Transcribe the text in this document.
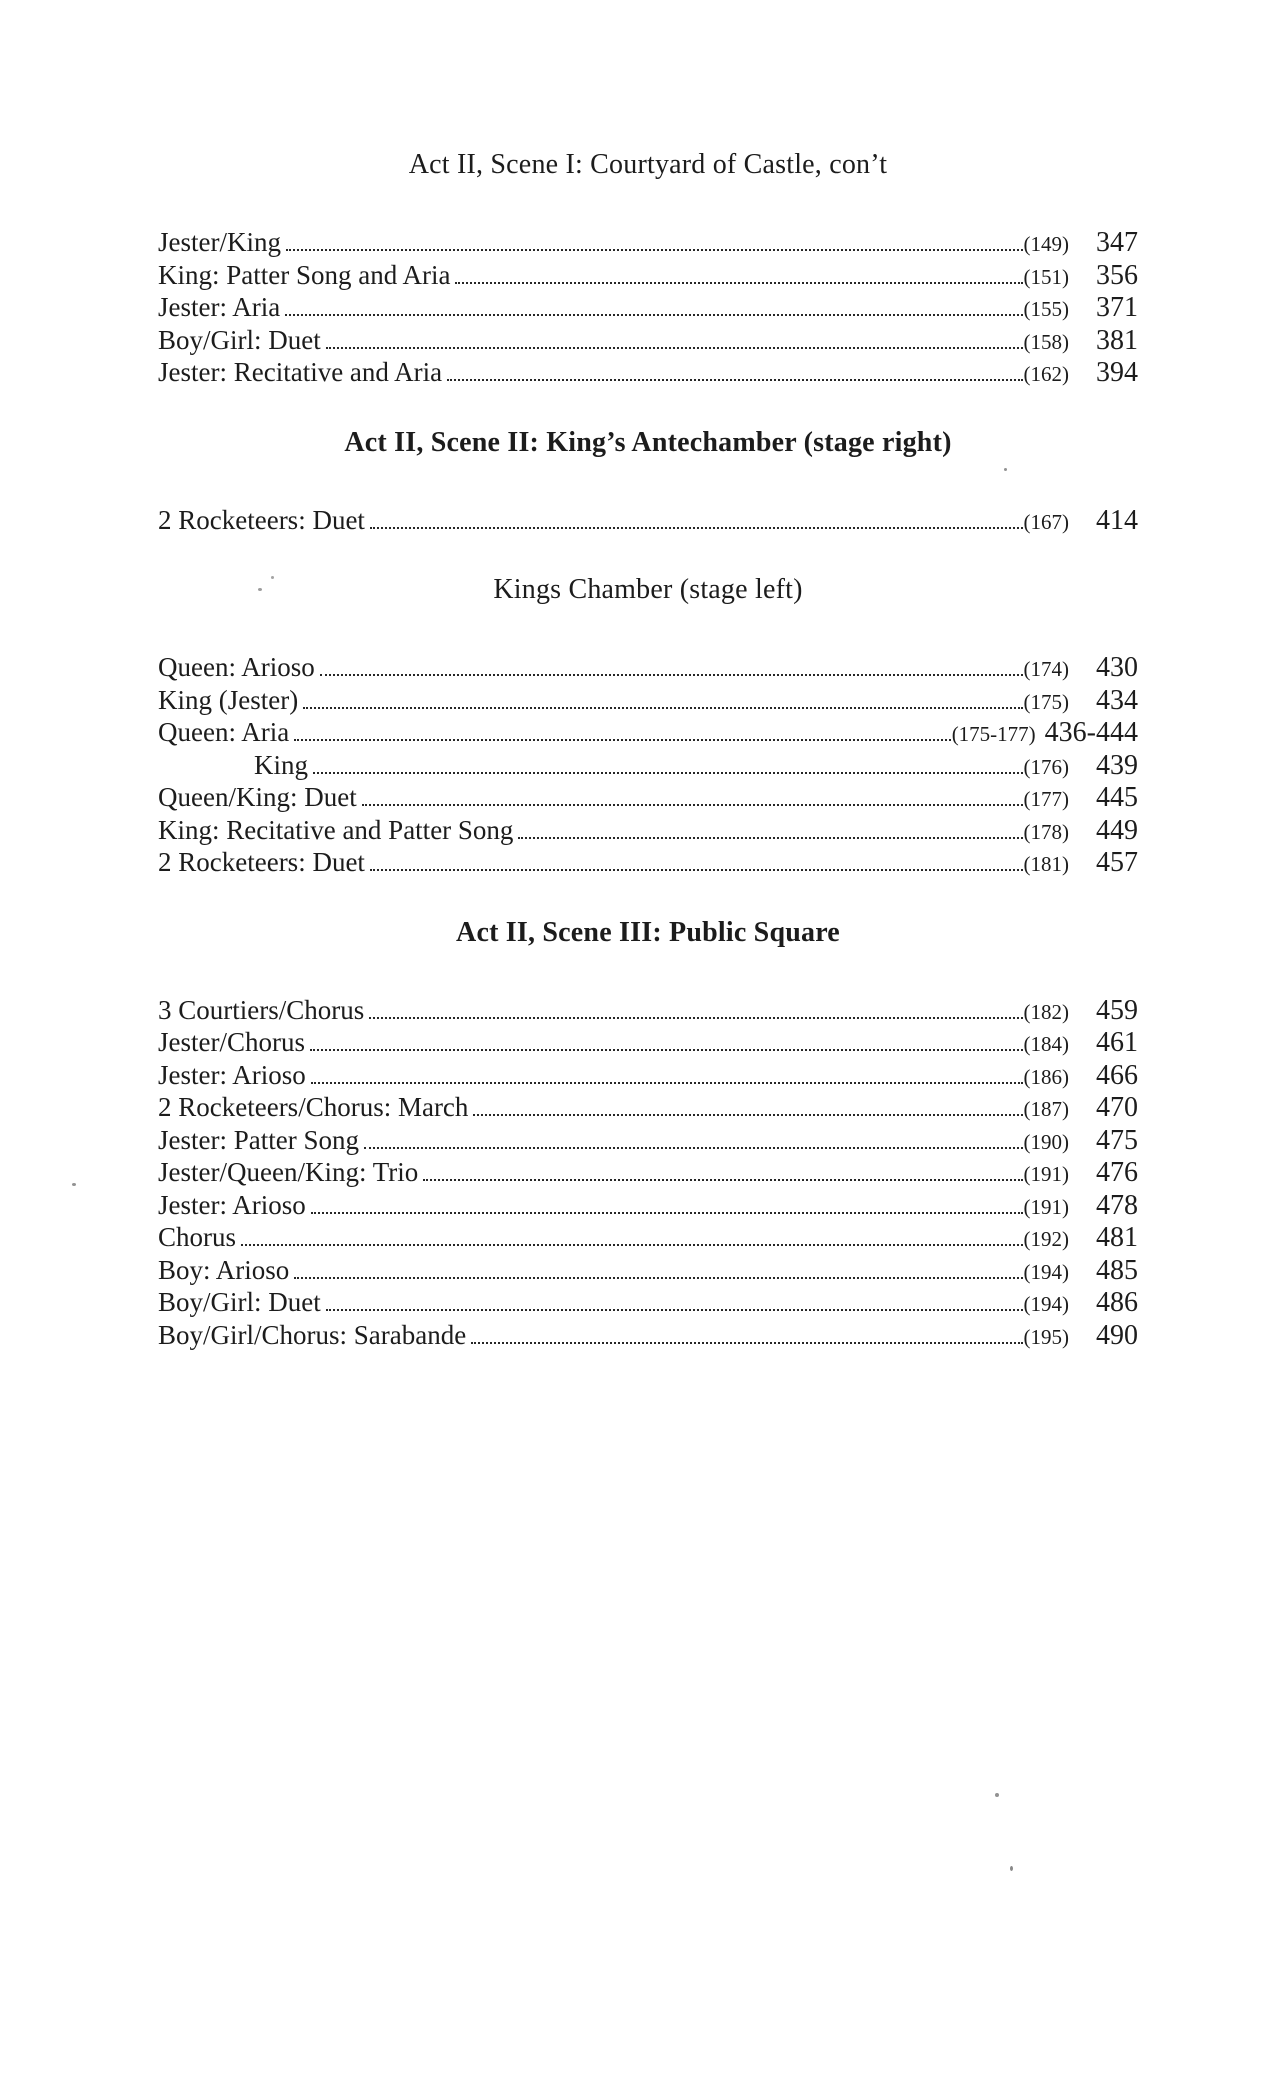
Act II, Scene I: Courtyard of Castle, con’t
Jester/King	(149) 347
King: Patter Song and Aria	(151) 356
Jester: Aria	(155) 371
Boy/Girl: Duet	(158) 381
Jester: Recitative and Aria	(162) 394
Act II, Scene II: King’s Antechamber (stage right)
2 Rocketeers: Duet	(167) 414
Kings Chamber (stage left)
Queen: Arioso	(174) 430
King (Jester)	(175) 434
Queen: Aria	(175-177) 436-444
King	(176) 439
Queen/King: Duet	(177) 445
King: Recitative and Patter Song	(178) 449
2 Rocketeers: Duet	(181) 457
Act II, Scene III: Public Square
3 Courtiers/Chorus	(182) 459
Jester/Chorus	(184) 461
Jester: Arioso	(186) 466
2 Rocketeers/Chorus: March	(187) 470
Jester: Patter Song	(190) 475
Jester/Queen/King: Trio	(191) 476
Jester: Arioso	(191) 478
Chorus	(192) 481
Boy: Arioso	(194) 485
Boy/Girl: Duet	(194) 486
Boy/Girl/Chorus: Sarabande	(195) 490
